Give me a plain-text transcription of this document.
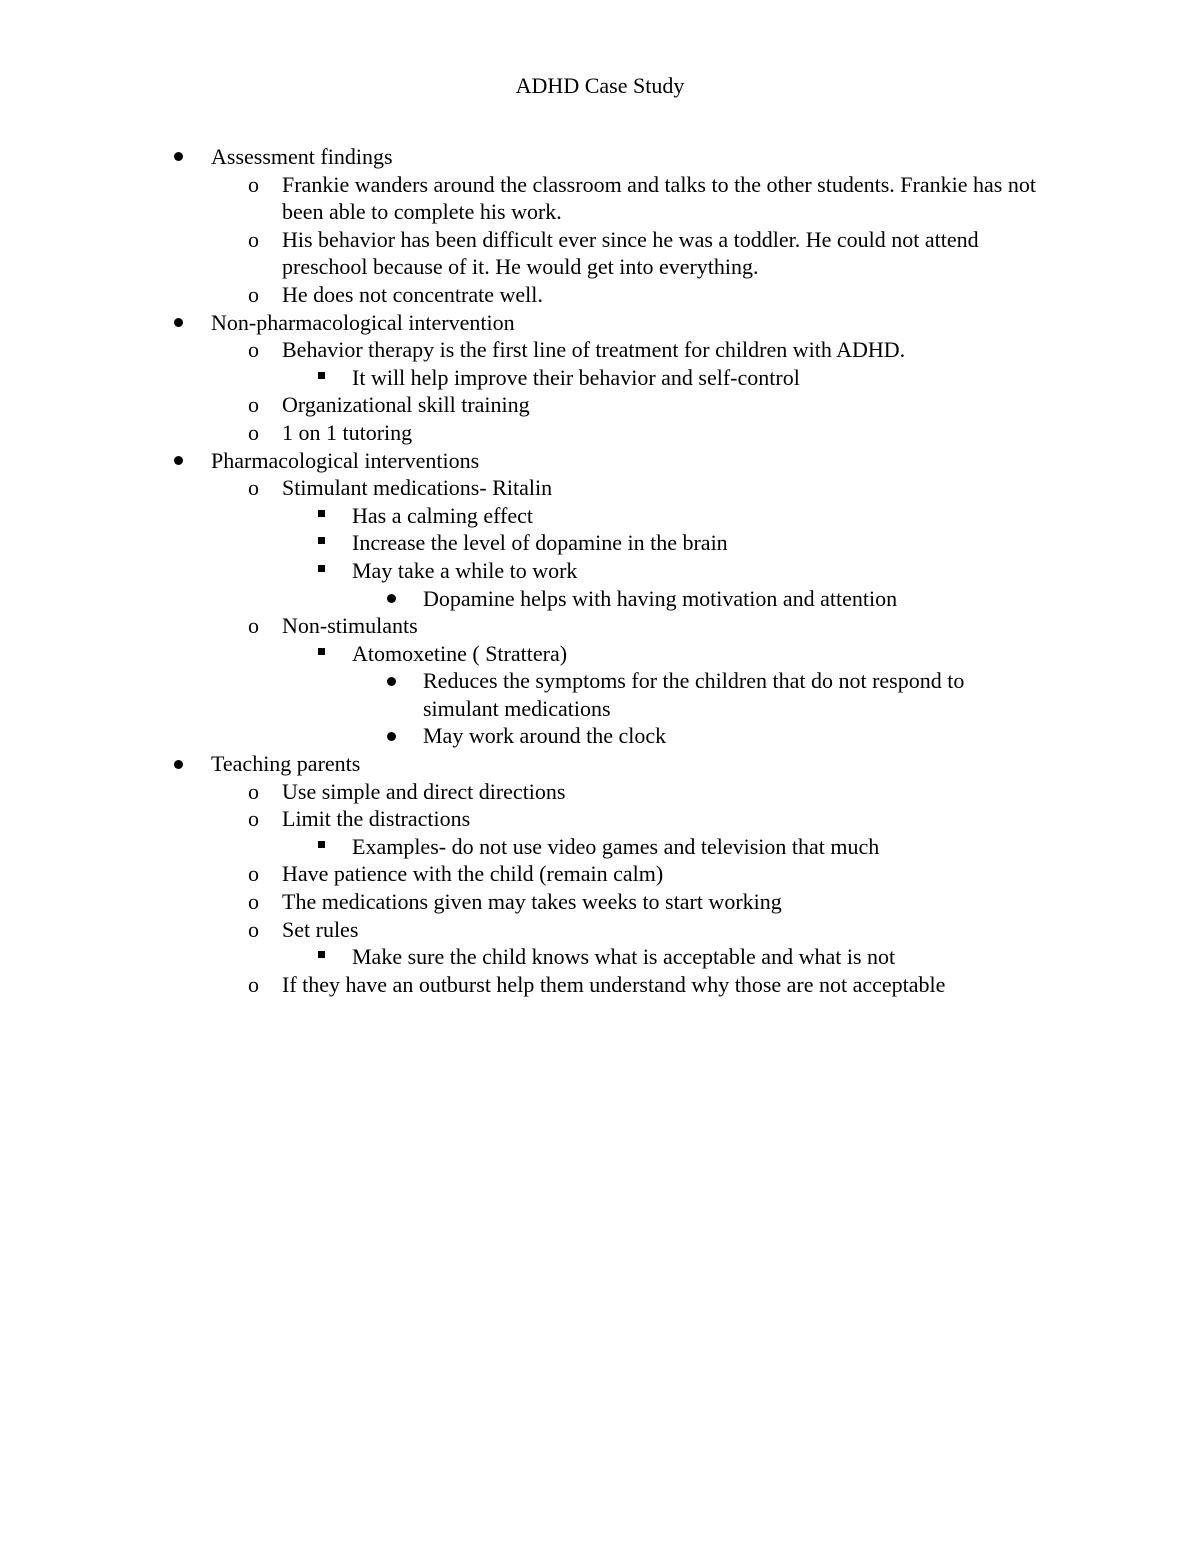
ADHD Case Study
Assessment findings
o Frankie wanders around the classroom and talks to the other students. Frankie has not been able to complete his work.
o His behavior has been difficult ever since he was a toddler. He could not attend preschool because of it. He would get into everything.
o He does not concentrate well.
Non-pharmacological intervention
o Behavior therapy is the first line of treatment for children with ADHD.
It will help improve their behavior and self-control
o Organizational skill training
o 1 on 1 tutoring
Pharmacological interventions
o Stimulant medications- Ritalin
Has a calming effect
Increase the level of dopamine in the brain
May take a while to work
Dopamine helps with having motivation and attention
o Non-stimulants
Atomoxetine ( Strattera)
Reduces the symptoms for the children that do not respond to simulant medications
May work around the clock
Teaching parents
o Use simple and direct directions
o Limit the distractions
Examples- do not use video games and television that much
o Have patience with the child (remain calm)
o The medications given may takes weeks to start working
o Set rules
Make sure the child knows what is acceptable and what is not
o If they have an outburst help them understand why those are not acceptable
